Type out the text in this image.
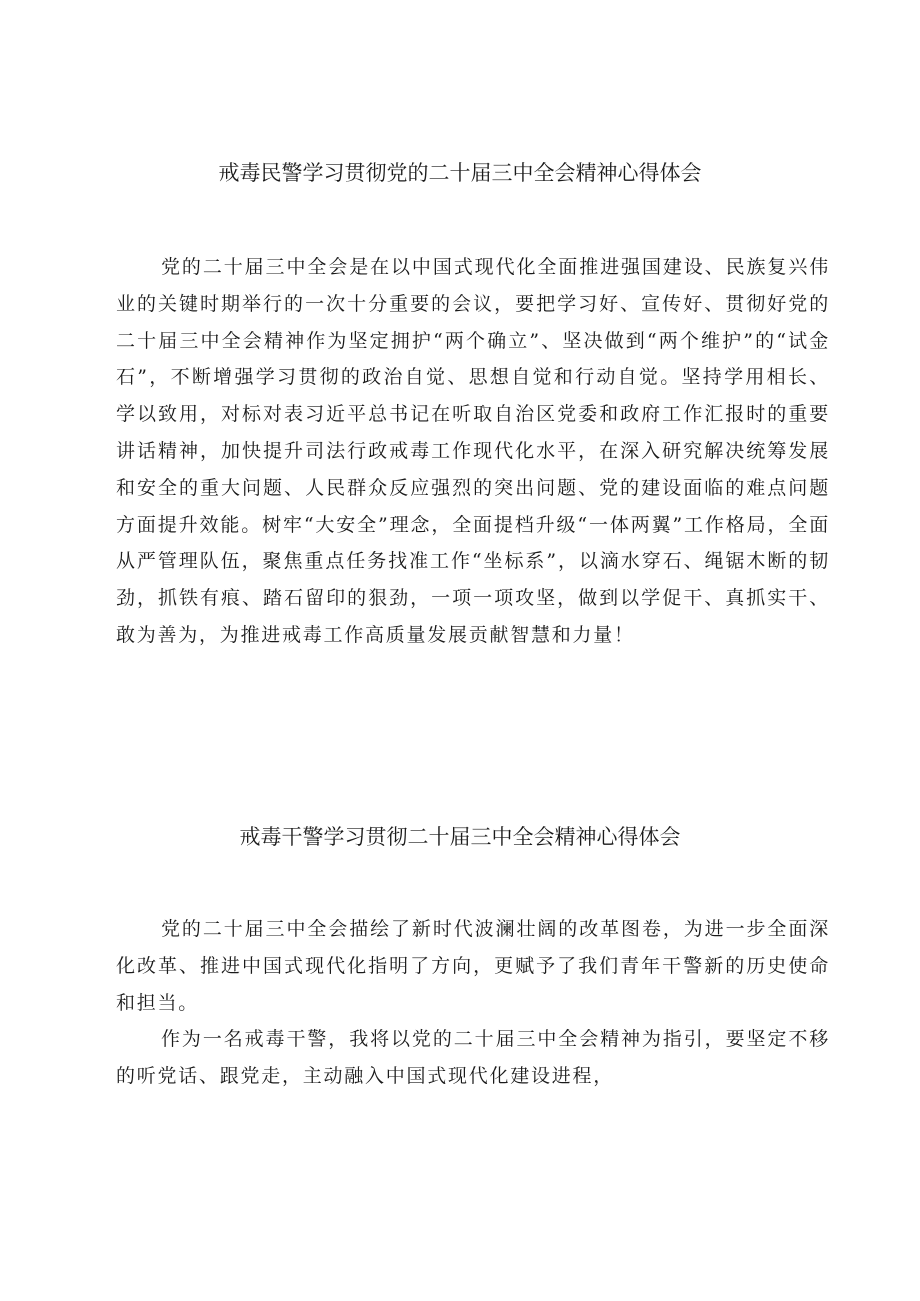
戒毒民警学习贯彻党的二十届三中全会精神心得体会

党的二十届三中全会是在以中国式现代化全面推进强国建设、民族复兴伟业的关键时期举行的一次十分重要的会议，要把学习好、宣传好、贯彻好党的二十届三中全会精神作为坚定拥护“两个确立”、坚决做到“两个维护”的“试金石”，不断增强学习贯彻的政治自觉、思想自觉和行动自觉。坚持学用相长、学以致用，对标对表习近平总书记在听取自治区党委和政府工作汇报时的重要讲话精神，加快提升司法行政戒毒工作现代化水平，在深入研究解决统筹发展和安全的重大问题、人民群众反应强烈的突出问题、党的建设面临的难点问题方面提升效能。树牢“大安全”理念，全面提档升级“一体两翼”工作格局，全面从严管理队伍，聚焦重点任务找准工作“坐标系”，以滴水穿石、绳锯木断的韧劲，抓铁有痕、踏石留印的狠劲，一项一项攻坚，做到以学促干、真抓实干、敢为善为，为推进戒毒工作高质量发展贡献智慧和力量！

戒毒干警学习贯彻二十届三中全会精神心得体会

党的二十届三中全会描绘了新时代波澜壮阔的改革图卷，为进一步全面深化改革、推进中国式现代化指明了方向，更赋予了我们青年干警新的历史使命和担当。

作为一名戒毒干警，我将以党的二十届三中全会精神为指引，要坚定不移的听党话、跟党走，主动融入中国式现代化建设进程，
